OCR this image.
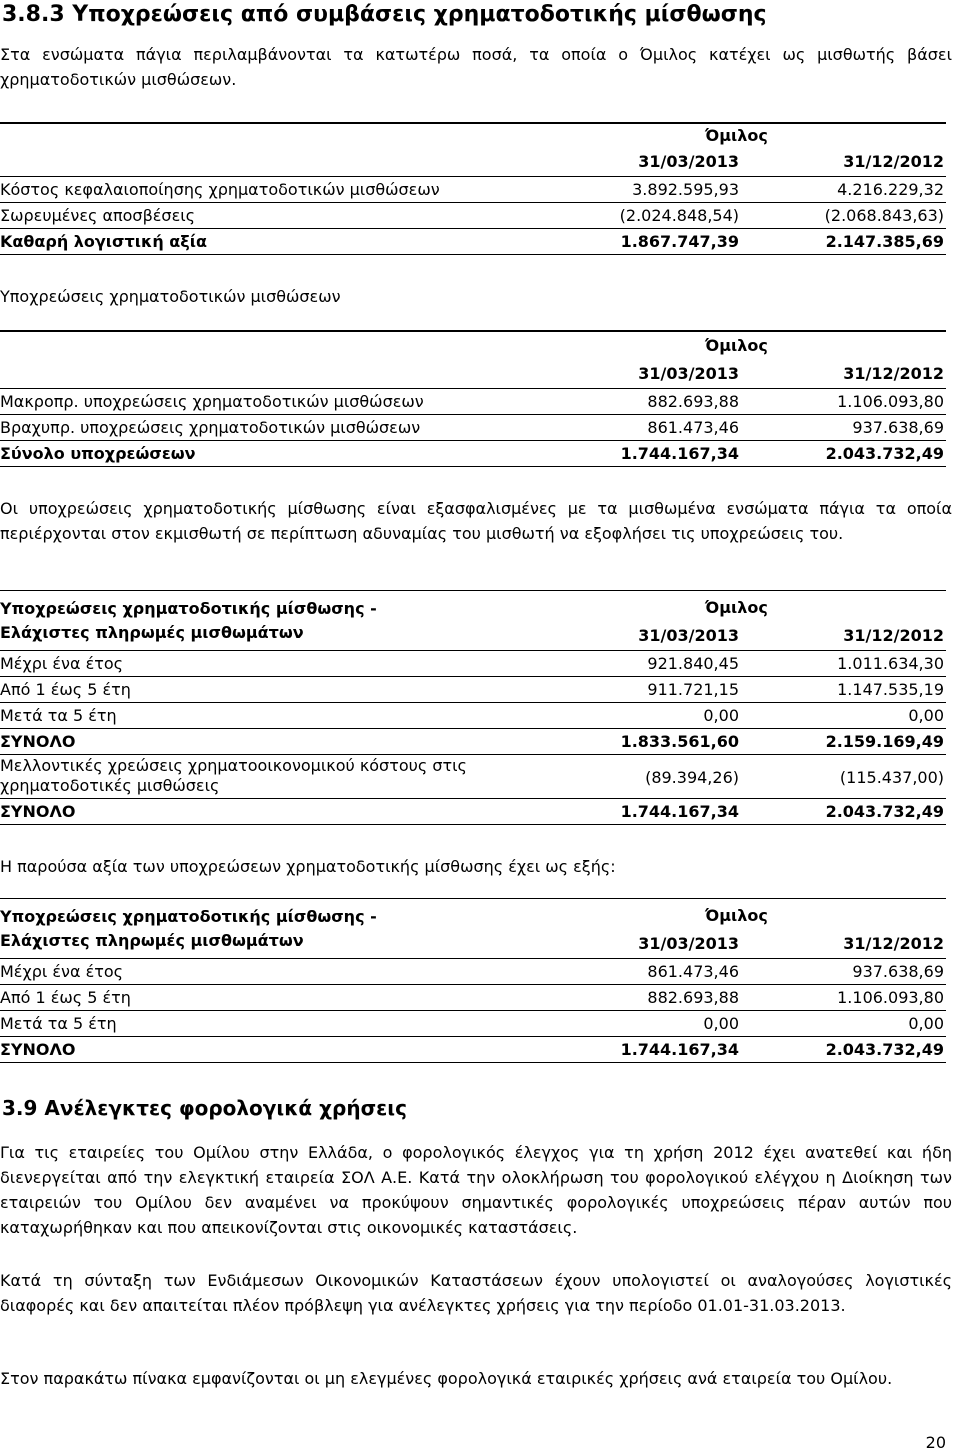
3.8.3 Υποχρεώσεις από συμβάσεις χρηματοδοτικής μίσθωσης

Στα ενσώματα πάγια περιλαμβάνονται τα κατωτέρω ποσά, τα οποία ο Όμιλος κατέχει ως μισθωτής βάσει χρηματοδοτικών μισθώσεων.

Όμιλος
31/03/2013	31/12/2012
Κόστος κεφαλαιοποίησης χρηματοδοτικών μισθώσεων	3.892.595,93	4.216.229,32
Σωρευμένες αποσβέσεις	(2.024.848,54)	(2.068.843,63)
Καθαρή λογιστική αξία	1.867.747,39	2.147.385,69

Υποχρεώσεις χρηματοδοτικών μισθώσεων

Όμιλος
31/03/2013	31/12/2012
Μακροπρ. υποχρεώσεις χρηματοδοτικών μισθώσεων	882.693,88	1.106.093,80
Βραχυπρ. υποχρεώσεις χρηματοδοτικών μισθώσεων	861.473,46	937.638,69
Σύνολο υποχρεώσεων	1.744.167,34	2.043.732,49

Οι υποχρεώσεις χρηματοδοτικής μίσθωσης είναι εξασφαλισμένες με τα μισθωμένα ενσώματα πάγια τα οποία περιέρχονται στον εκμισθωτή σε περίπτωση αδυναμίας του μισθωτή να εξοφλήσει τις υποχρεώσεις του.

Υποχρεώσεις χρηματοδοτικής μίσθωσης -
Ελάχιστες πληρωμές μισθωμάτων
Όμιλος
31/03/2013	31/12/2012
Μέχρι ένα έτος	921.840,45	1.011.634,30
Από 1 έως 5 έτη	911.721,15	1.147.535,19
Μετά τα 5 έτη	0,00	0,00
ΣΥΝΟΛΟ	1.833.561,60	2.159.169,49
Μελλοντικές χρεώσεις χρηματοοικονομικού κόστους στις
χρηματοδοτικές μισθώσεις	(89.394,26)	(115.437,00)
ΣΥΝΟΛΟ	1.744.167,34	2.043.732,49

Η παρούσα αξία των υποχρεώσεων χρηματοδοτικής μίσθωσης έχει ως εξής:

Υποχρεώσεις χρηματοδοτικής μίσθωσης -
Ελάχιστες πληρωμές μισθωμάτων
Όμιλος
31/03/2013	31/12/2012
Μέχρι ένα έτος	861.473,46	937.638,69
Από 1 έως 5 έτη	882.693,88	1.106.093,80
Μετά τα 5 έτη	0,00	0,00
ΣΥΝΟΛΟ	1.744.167,34	2.043.732,49
3.9 Ανέλεγκτες φορολογικά χρήσεις

Για τις εταιρείες του Ομίλου στην Ελλάδα, ο φορολογικός έλεγχος για τη χρήση 2012 έχει ανατεθεί και ήδη διενεργείται από την ελεγκτική εταιρεία ΣΟΛ Α.Ε. Κατά την ολοκλήρωση του φορολογικού ελέγχου η Διοίκηση των εταιρειών του Ομίλου δεν αναμένει να προκύψουν σημαντικές φορολογικές υποχρεώσεις πέραν αυτών που καταχωρήθηκαν και που απεικονίζονται στις οικονομικές καταστάσεις.

Κατά τη σύνταξη των Ενδιάμεσων Οικονομικών Καταστάσεων έχουν υπολογιστεί οι αναλογούσες λογιστικές διαφορές και δεν απαιτείται πλέον πρόβλεψη για ανέλεγκτες χρήσεις για την περίοδο 01.01-31.03.2013.

Στον παρακάτω πίνακα εμφανίζονται οι μη ελεγμένες φορολογικά εταιρικές χρήσεις ανά εταιρεία του Ομίλου.

20
